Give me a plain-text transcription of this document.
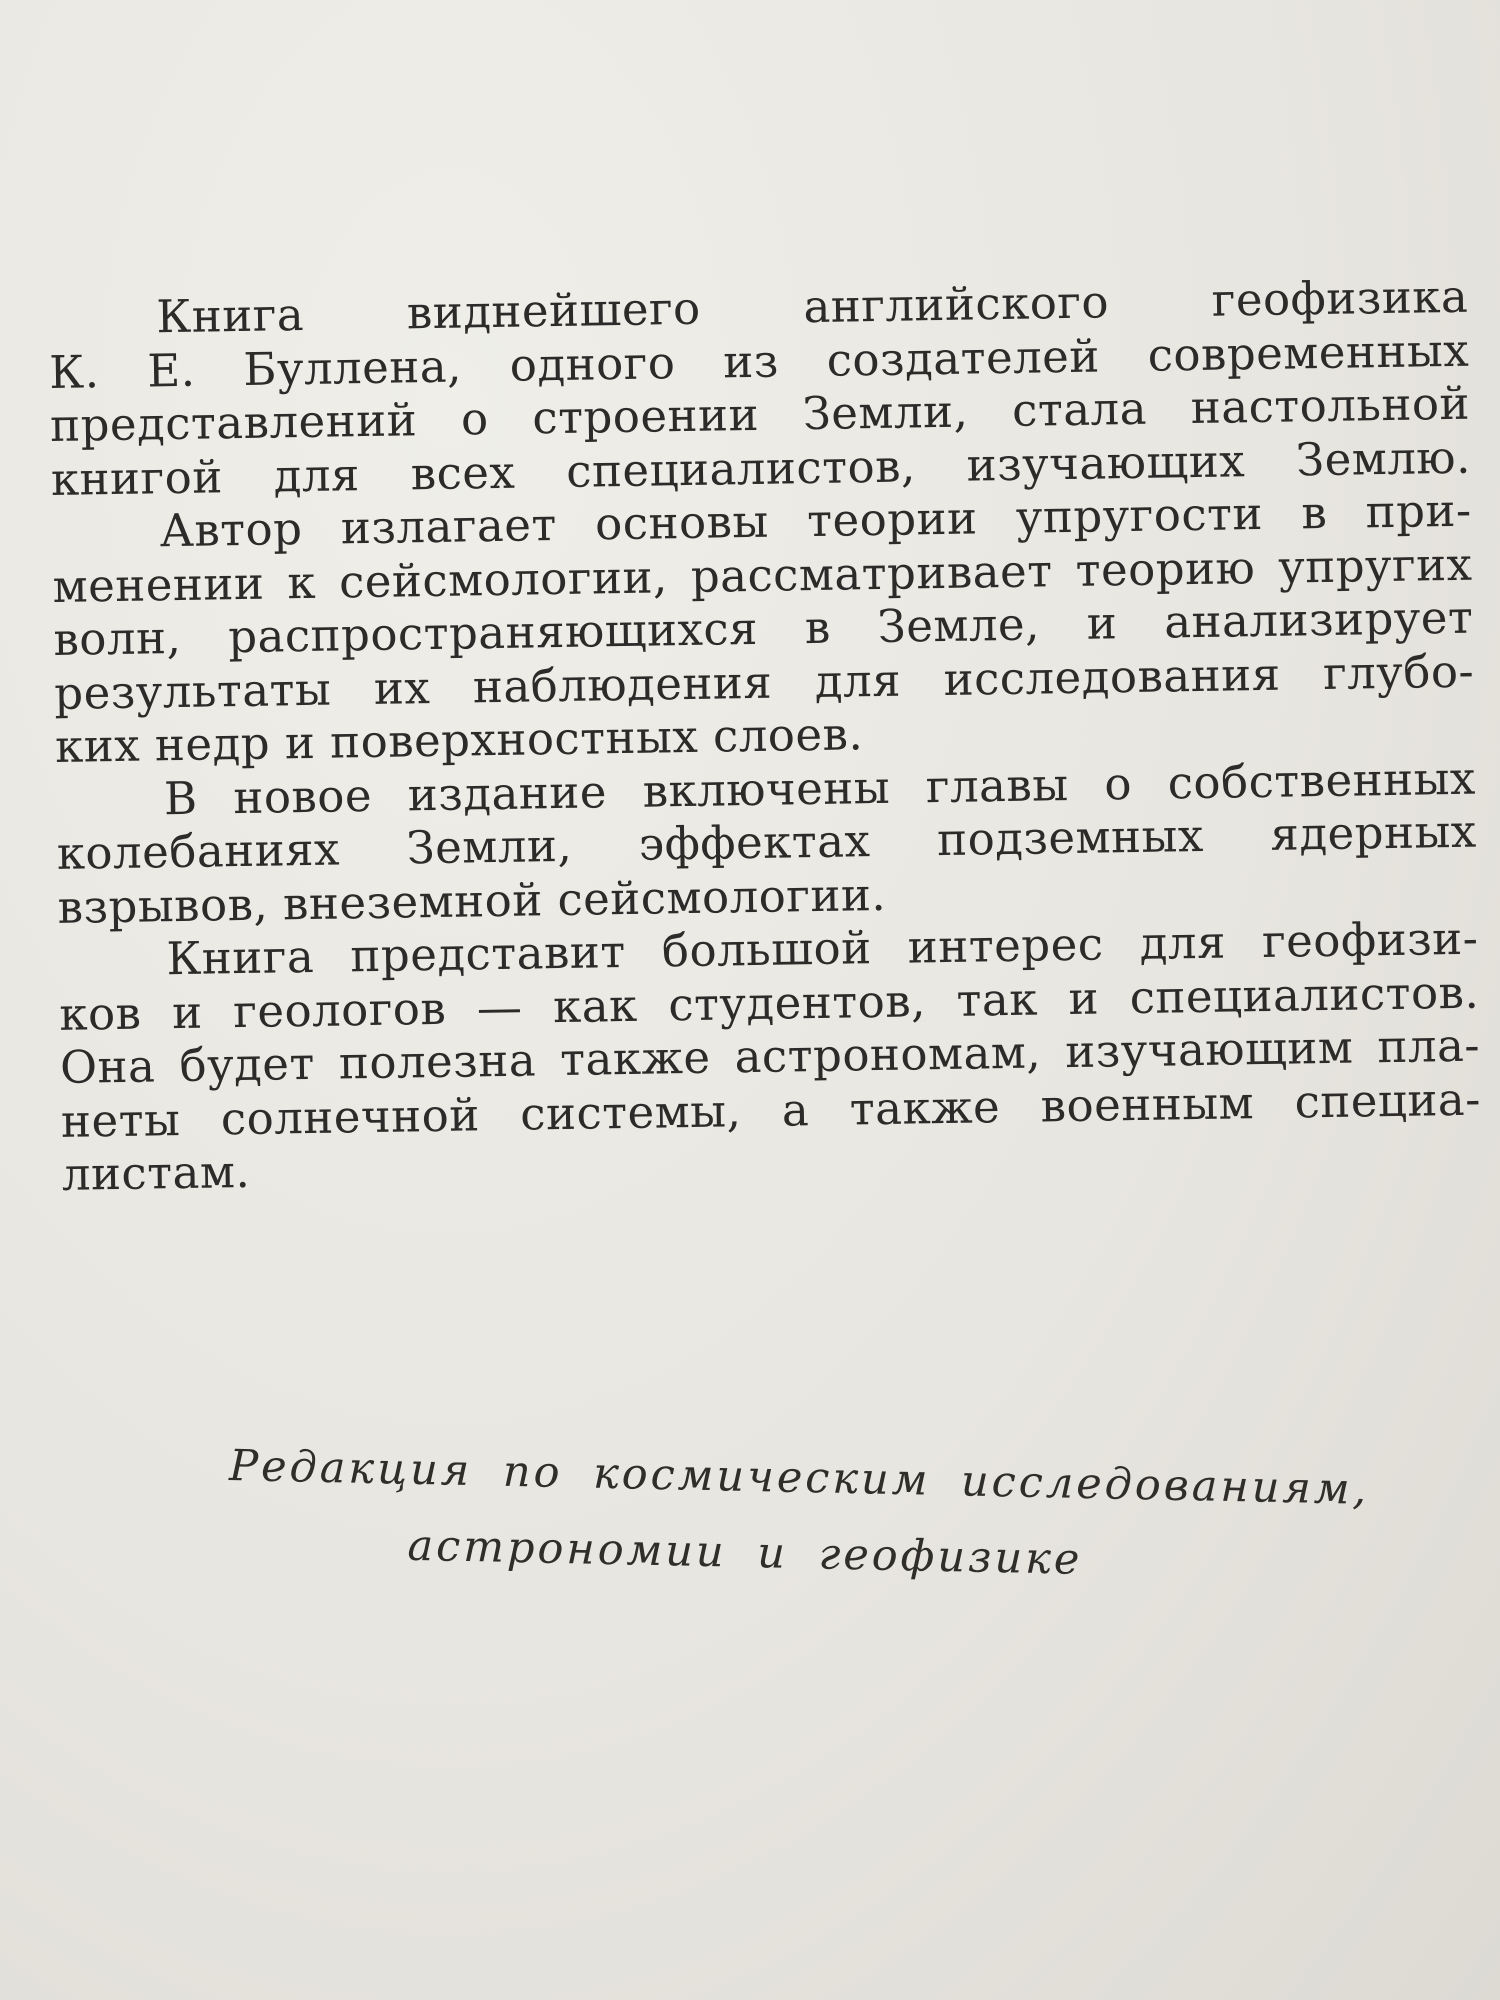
Книга виднейшего английского геофизика
К. Е. Буллена, одного из создателей современных
представлений о строении Земли, стала настольной
книгой для всех специалистов, изучающих Землю.

Автор излагает основы теории упругости в при-
менении к сейсмологии, рассматривает теорию упругих
волн, распространяющихся в Земле, и анализирует
результаты их наблюдения для исследования глубо-
ких недр и поверхностных слоев.

В новое издание включены главы о собственных
колебаниях Земли, эффектах подземных ядерных
взрывов, внеземной сейсмологии.

Книга представит большой интерес для геофизи-
ков и геологов — как студентов, так и специалистов.
Она будет полезна также астрономам, изучающим пла-
неты солнечной системы, а также военным специа-
листам.

Редакция по космическим исследованиям,
астрономии и геофизике
